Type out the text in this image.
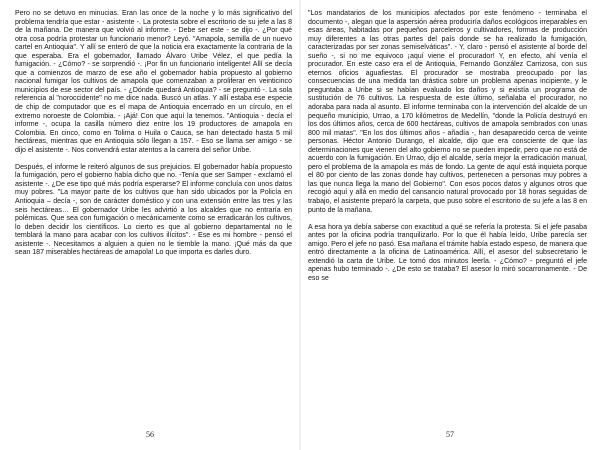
Pero no se detuvo en minucias. Eran las once de la noche y lo más significativo del problema tendría que estar - asistente -. La protesta sobre el escritorio de su jefe a las 8 de la mañana. De manera que volvió al informe. - Debe ser este - se dijo -. ¿Por qué otra cosa podría protestar un funcionario menor? Leyó. "Amapola, semilla de un nuevo cartel en Antioquia". Y allí se enteró de que la noticia era exactamente la contraria de la que esperaba. Era el gobernador, llamado Álvaro Uribe Vélez, el que pedía la fumigación. - ¿Cómo? - se sorprendió -. ¡Por fin un funcionario inteligente! Allí se decía que a comienzos de marzo de ese año el gobernador había propuesto al gobierno nacional fumigar los cultivos de amapola que comenzaban a proliferar en veinticinco municipios de ese sector del país. - ¿Dónde quedará Antioquia? - se preguntó -. La sola referencia al "noroccidente" no me dice nada. Buscó un atlas. Y allí estaba ese especie de chip de computador que es el mapa de Antioquia encerrado en un círculo, en el extremo noroeste de Colombia. - ¡Ajá! Con que aquí la tenemos. "Antioquia - decía el informe -, ocupa la casilla número diez entre los 19 productores de amapola en Colombia. En cinco, como en Tolima o Huila o Cauca, se han detectado hasta 5 mil hectáreas, mientras que en Antioquia sólo llegan a 157. - Eso se llama ser amigo - se dijo el asistente -. Nos convendrá estar atentos a la carrera del señor Uribe.

Después, el informe le reiteró algunos de sus prejuicios. El gobernador había propuesto la fumigación, pero el gobierno había dicho que no. -Tenía que ser Samper - exclamó el asistente -. ¿De ese tipo qué más podría esperarse? El informe concluía con unos datos muy pobres. "La mayor parte de los cultivos que han sido ubicados por la Policía en Antioquia – decía -, son de carácter doméstico y con una extensión entre las tres y las seis hectáreas… El gobernador Uribe les advirtió a los alcaldes que no entraría en polémicas. Que sea con fumigación o mecánicamente como se erradicarán los cultivos, lo deben decidir los científicos. Lo cierto es que al gobierno departamental no le temblará la mano para acabar con los cultivos ilícitos". - Ese es mi hombre - pensó el asistente -. Necesitamos a alguien a quien no le tiemble la mano. ¡Qué más da que sean 187 miserables hectáreas de amapola! Lo que importa es darles duro.

56

"Los mandatarios de los municipios afectados por este fenómeno - terminaba el documento -, alegan que la aspersión aérea produciría daños ecológicos irreparables en esas áreas, habitadas por pequeños parceleros y cultivadores, formas de producción muy diferentes a las otras partes del país donde se ha realizado la fumigación, caracterizadas por ser zonas semiselváticas". - Y, claro - pensó el asistente al borde del sueño -, si no me equivoco ¡aquí viene el procurador! Y, en efecto, ahí venía el procurador. En este caso era el de Antioquia, Fernando González Carrizosa, con sus eternos oficios aguafiestas. El procurador se mostraba preocupado por las consecuencias de una medida tan drástica sobre un problema apenas incipiente, y le preguntaba a Uribe si se habían evaluado los daños y si existía un programa de sustitución de 76 cultivos. La respuesta de este último, señalaba el procurador, no adoraba para nada al asunto. El informe terminaba con la intervención del alcalde de un pequeño municipio, Urrao, a 170 kilómetros de Medellín, "donde la Policía destruyó en los dos últimos años, cerca de 600 hectáreas, cultivos de amapola sembrados con unas 800 mil matas". "En los dos últimos años - añadía -, han desaparecido cerca de veinte personas. Héctor Antonio Durango, el alcalde, dijo que era consciente de que las determinaciones que vienen del alto gobierno no se pueden impedir, pero que no está de acuerdo con la fumigación. En Urrao, dijo el alcalde, sería mejor la erradicación manual, pero el problema de la amapola es más de fondo. La gente de aquí está inquieta porque el 80 por ciento de las zonas donde hay cultivos, pertenecen a personas muy pobres a las que nunca llega la mano del Gobierno". Con esos pocos datos y algunos otros que recogió aquí y allá en medio del cansancio natural provocado por 18 horas seguidas de trabajo, el asistente preparó la carpeta, que puso sobre el escritorio de su jefe a las 8 en punto de la mañana.

A esa hora ya debía saberse con exactitud a qué se refería la protesta. Si el jefe pasaba antes por la oficina podría tranquilizarlo. Por lo que él había leído, Uribe parecía ser amigo. Pero el jefe no pasó. Esa mañana el trámite había estado espeso, de manera que entró directamente a la oficina de Latinoamérica. Allí, el asesor del subsecretario le extendió la carta de Uribe. Le tomó dos minutos leerla. - ¿Cómo? - preguntó el jefe apenas hubo terminado -. ¿De esto se trataba? El asesor lo miró socarronamente. - De eso se

57
